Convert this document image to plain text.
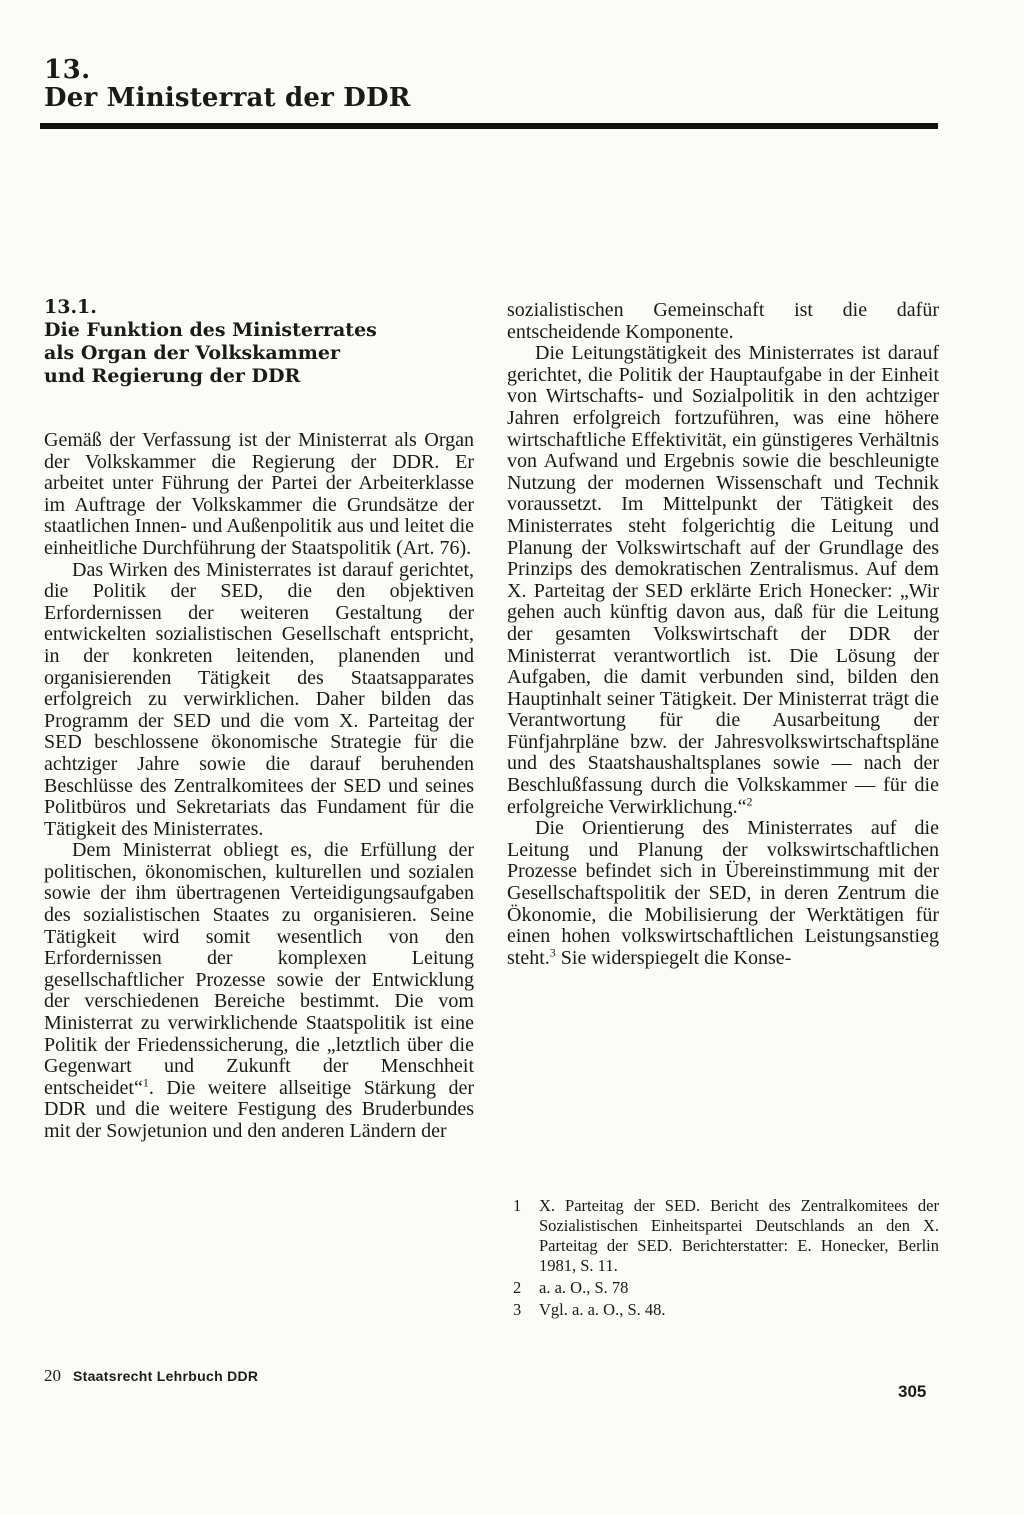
13.
Der Ministerrat der DDR
13.1.
Die Funktion des Ministerrates
als Organ der Volkskammer
und Regierung der DDR

Gemäß der Verfassung ist der Ministerrat als Organ der Volkskammer die Regierung der DDR. Er arbeitet unter Führung der Partei der Arbeiterklasse im Auftrage der Volkskammer die Grundsätze der staatlichen Innen- und Außenpolitik aus und leitet die einheitliche Durchführung der Staatspolitik (Art. 76).

Das Wirken des Ministerrates ist darauf gerichtet, die Politik der SED, die den objektiven Erfordernissen der weiteren Gestaltung der entwickelten sozialistischen Gesellschaft entspricht, in der konkreten leitenden, planenden und organisierenden Tätigkeit des Staatsapparates erfolgreich zu verwirklichen. Daher bilden das Programm der SED und die vom X. Parteitag der SED beschlossene ökonomische Strategie für die achtziger Jahre sowie die darauf beruhenden Beschlüsse des Zentralkomitees der SED und seines Politbüros und Sekretariats das Fundament für die Tätigkeit des Ministerrates.

Dem Ministerrat obliegt es, die Erfüllung der politischen, ökonomischen, kulturellen und sozialen sowie der ihm übertragenen Verteidigungsaufgaben des sozialistischen Staates zu organisieren. Seine Tätigkeit wird somit wesentlich von den Erfordernissen der komplexen Leitung gesellschaftlicher Prozesse sowie der Entwicklung der verschiedenen Bereiche bestimmt. Die vom Ministerrat zu verwirklichende Staatspolitik ist eine Politik der Friedenssicherung, die „letztlich über die Gegenwart und Zukunft der Menschheit entscheidet“$^1$. Die weitere allseitige Stärkung der DDR und die weitere Festigung des Bruderbundes mit der Sowjetunion und den anderen Ländern der

sozialistischen Gemeinschaft ist die dafür entscheidende Komponente.

Die Leitungstätigkeit des Ministerrates ist darauf gerichtet, die Politik der Hauptaufgabe in der Einheit von Wirtschafts- und Sozialpolitik in den achtziger Jahren erfolgreich fortzuführen, was eine höhere wirtschaftliche Effektivität, ein günstigeres Verhältnis von Aufwand und Ergebnis sowie die beschleunigte Nutzung der modernen Wissenschaft und Technik voraussetzt. Im Mittelpunkt der Tätigkeit des Ministerrates steht folgerichtig die Leitung und Planung der Volkswirtschaft auf der Grundlage des Prinzips des demokratischen Zentralismus. Auf dem X. Parteitag der SED erklärte Erich Honecker: „Wir gehen auch künftig davon aus, daß für die Leitung der gesamten Volkswirtschaft der DDR der Ministerrat verantwortlich ist. Die Lösung der Aufgaben, die damit verbunden sind, bilden den Hauptinhalt seiner Tätigkeit. Der Ministerrat trägt die Verantwortung für die Ausarbeitung der Fünfjahrpläne bzw. der Jahresvolkswirtschaftspläne und des Staatshaushaltsplanes sowie — nach der Beschlußfassung durch die Volkskammer — für die erfolgreiche Verwirklichung.“$^2$

Die Orientierung des Ministerrates auf die Leitung und Planung der volkswirtschaftlichen Prozesse befindet sich in Übereinstimmung mit der Gesellschaftspolitik der SED, in deren Zentrum die Ökonomie, die Mobilisierung der Werktätigen für einen hohen volkswirtschaftlichen Leistungsanstieg steht.$^3$ Sie widerspiegelt die Konse-

1	X. Parteitag der SED. Bericht des Zentralkomitees der Sozialistischen Einheitspartei Deutschlands an den X. Parteitag der SED. Berichterstatter: E. Honecker, Berlin 1981, S. 11.
2	a. a. O., S. 78
3	Vgl. a. a. O., S. 48.
20 Staatsrecht Lehrbuch DDR
305
